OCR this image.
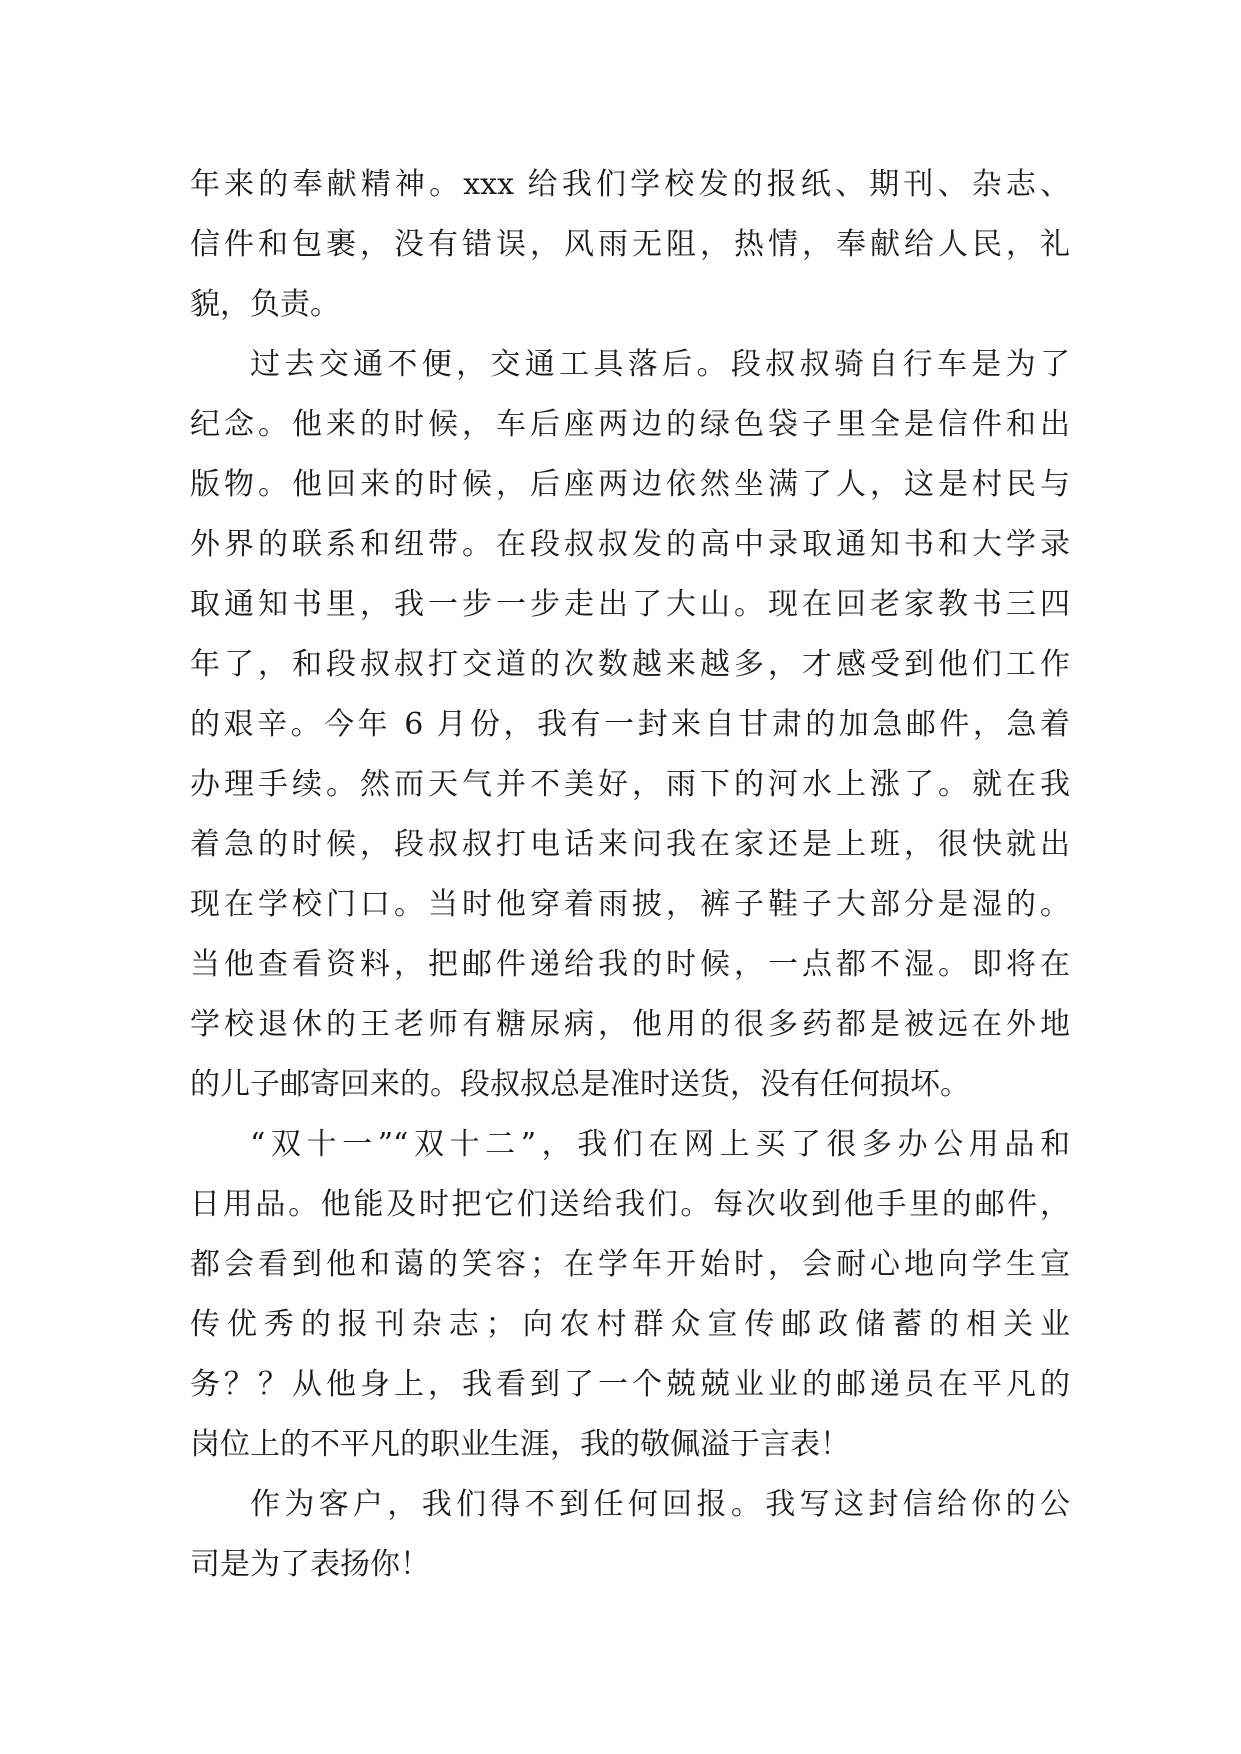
年来的奉献精神。xxx 给我们学校发的报纸、期刊、杂志、
信件和包裹，没有错误，风雨无阻，热情，奉献给人民，礼
貌，负责。
过去交通不便，交通工具落后。段叔叔骑自行车是为了
纪念。他来的时候，车后座两边的绿色袋子里全是信件和出
版物。他回来的时候，后座两边依然坐满了人，这是村民与
外界的联系和纽带。在段叔叔发的高中录取通知书和大学录
取通知书里，我一步一步走出了大山。现在回老家教书三四
年了，和段叔叔打交道的次数越来越多，才感受到他们工作
的艰辛。今年 6 月份，我有一封来自甘肃的加急邮件，急着
办理手续。然而天气并不美好，雨下的河水上涨了。就在我
着急的时候，段叔叔打电话来问我在家还是上班，很快就出
现在学校门口。当时他穿着雨披，裤子鞋子大部分是湿的。
当他查看资料，把邮件递给我的时候，一点都不湿。即将在
学校退休的王老师有糖尿病，他用的很多药都是被远在外地
的儿子邮寄回来的。段叔叔总是准时送货，没有任何损坏。
“双十一”“双十二”，我们在网上买了很多办公用品和
日用品。他能及时把它们送给我们。每次收到他手里的邮件，
都会看到他和蔼的笑容；在学年开始时，会耐心地向学生宣
传优秀的报刊杂志；向农村群众宣传邮政储蓄的相关业
务？？从他身上，我看到了一个兢兢业业的邮递员在平凡的
岗位上的不平凡的职业生涯，我的敬佩溢于言表！
作为客户，我们得不到任何回报。我写这封信给你的公
司是为了表扬你！
